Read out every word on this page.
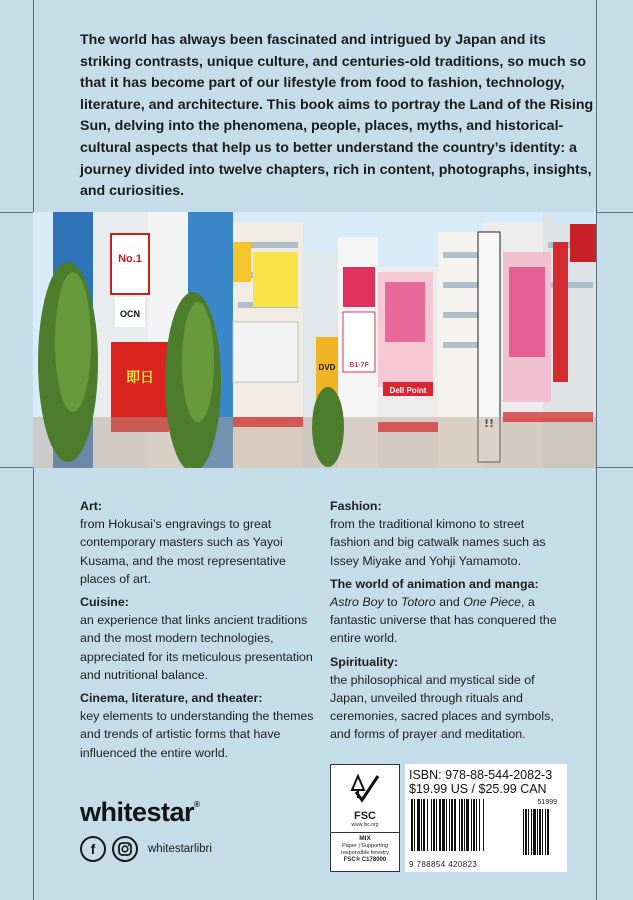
The world has always been fascinated and intrigued by Japan and its striking contrasts, unique culture, and centuries-old traditions, so much so that it has become part of our lifestyle from food to fashion, technology, literature, and architecture. This book aims to portray the Land of the Rising Sun, delving into the phenomena, people, places, myths, and historical-cultural aspects that help us to better understand the country’s identity: a journey divided into twelve chapters, rich in content, photographs, insights, and curiosities.

No.1
OCN
即日
DVD B1-7F
Dell Point
!!
Art:

from Hokusai’s engravings to great contemporary masters such as Yayoi Kusama, and the most representative places of art.

Cuisine:

an experience that links ancient traditions and the most modern technologies, appreciated for its meticulous presentation and nutritional balance.

Cinema, literature, and theater:

key elements to understanding the themes and trends of artistic forms that have influenced the entire world.

Fashion:

from the traditional kimono to street fashion and big catwalk names such as Issey Miyake and Yohji Yamamoto.

The world of animation and manga:

Astro Boy to Totoro and One Piece, a fantastic universe that has conquered the entire world.

Spirituality:

the philosophical and mystical side of Japan, unveiled through rituals and ceremonies, sacred places and symbols, and forms of prayer and meditation.

whitestar®
f	whitestarlibri
FSC
www.fsc.org
MIX
Paper | Supporting
responsible forestry
FSC® C178000
ISBN: 978-88-544-2082-3
$19.99 US / $25.99 CAN
51999
9 788854 420823
